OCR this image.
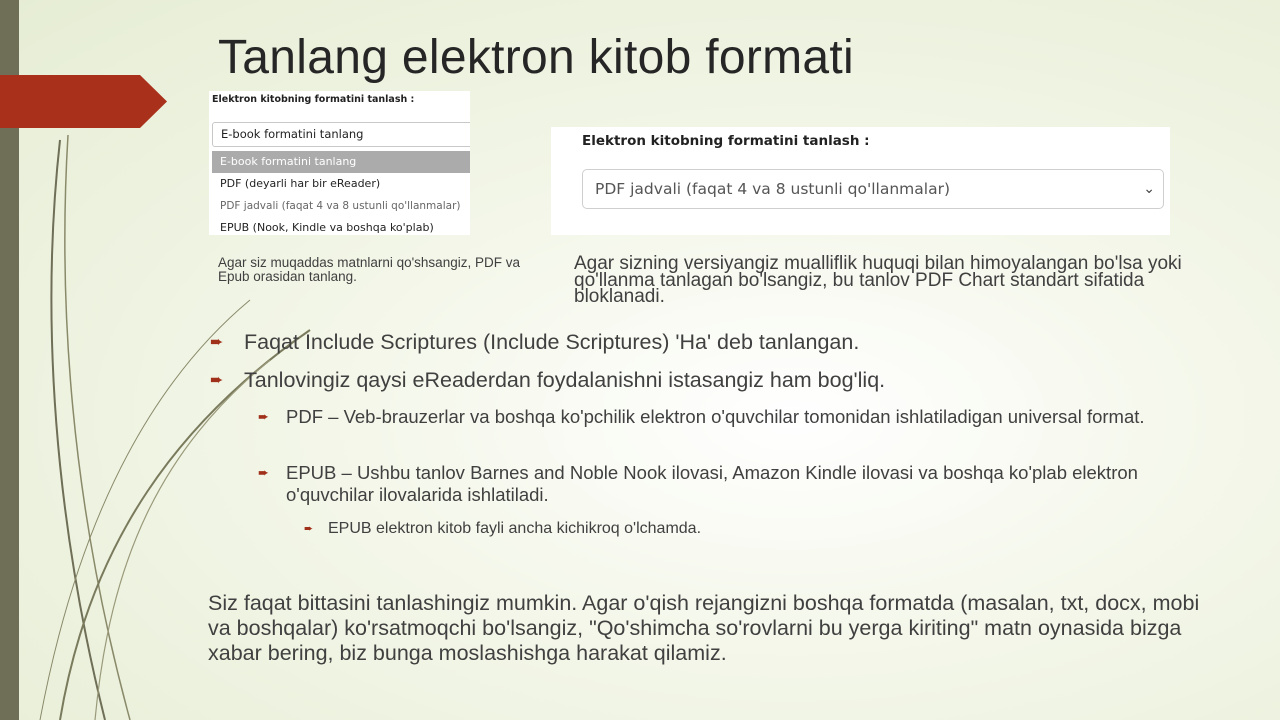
Tanlang elektron kitob formati
Elektron kitobning formatini tanlash :
E-book formatini tanlang
E-book formatini tanlang
PDF (deyarli har bir eReader)
PDF jadvali (faqat 4 va 8 ustunli qo'llanmalar)
EPUB (Nook, Kindle va boshqa ko'plab)
Elektron kitobning formatini tanlash :
PDF jadvali (faqat 4 va 8 ustunli qo'llanmalar)	⌄
Agar siz muqaddas matnlarni qo'shsangiz, PDF va Epub orasidan tanlang.
Agar sizning versiyangiz mualliflik huquqi bilan himoyalangan bo'lsa yoki qo'llanma tanlagan bo'lsangiz, bu tanlov PDF Chart standart sifatida bloklanadi.
➨ Faqat Include Scriptures (Include Scriptures) 'Ha' deb tanlangan.
➨ Tanlovingiz qaysi eReaderdan foydalanishni istasangiz ham bog'liq.
➨ PDF – Veb-brauzerlar va boshqa ko'pchilik elektron o'quvchilar tomonidan ishlatiladigan universal format.
➨ EPUB – Ushbu tanlov Barnes and Noble Nook ilovasi, Amazon Kindle ilovasi va boshqa ko'plab elektron o'quvchilar ilovalarida ishlatiladi.
➨ EPUB elektron kitob fayli ancha kichikroq o'lchamda.

Siz faqat bittasini tanlashingiz mumkin. Agar o'qish rejangizni boshqa formatda (masalan, txt, docx, mobi va boshqalar) ko'rsatmoqchi bo'lsangiz, "Qo'shimcha so'rovlarni bu yerga kiriting" matn oynasida bizga xabar bering, biz bunga moslashishga harakat qilamiz.
